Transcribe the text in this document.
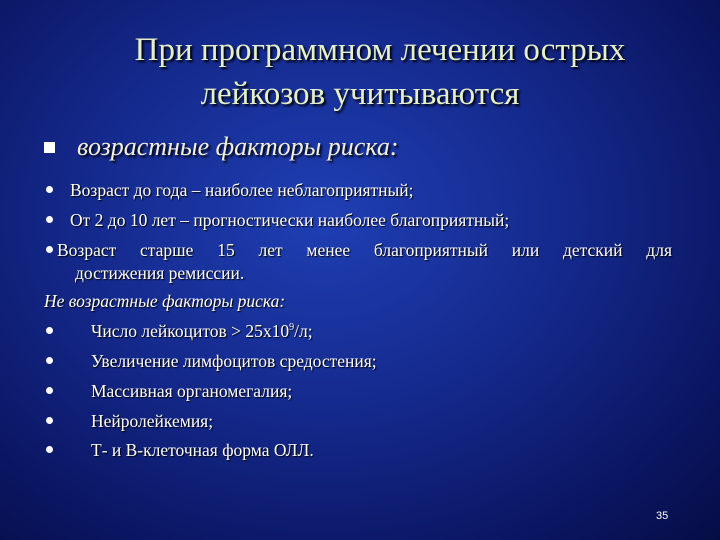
При программном лечении острых
лейкозов учитываются
возрастные факторы риска:
Возраст до года – наиболее неблагоприятный;
От 2 до 10 лет – прогностически наиболее благоприятный;
Возраст старше 15 лет менее благоприятный или детский для
достижения ремиссии.
Не возрастные факторы риска:
Число лейкоцитов > $25х10^9/л$;
Увеличение лимфоцитов средостения;
Массивная органомегалия;
Нейролейкемия;
Т- и В-клеточная форма ОЛЛ.
35
